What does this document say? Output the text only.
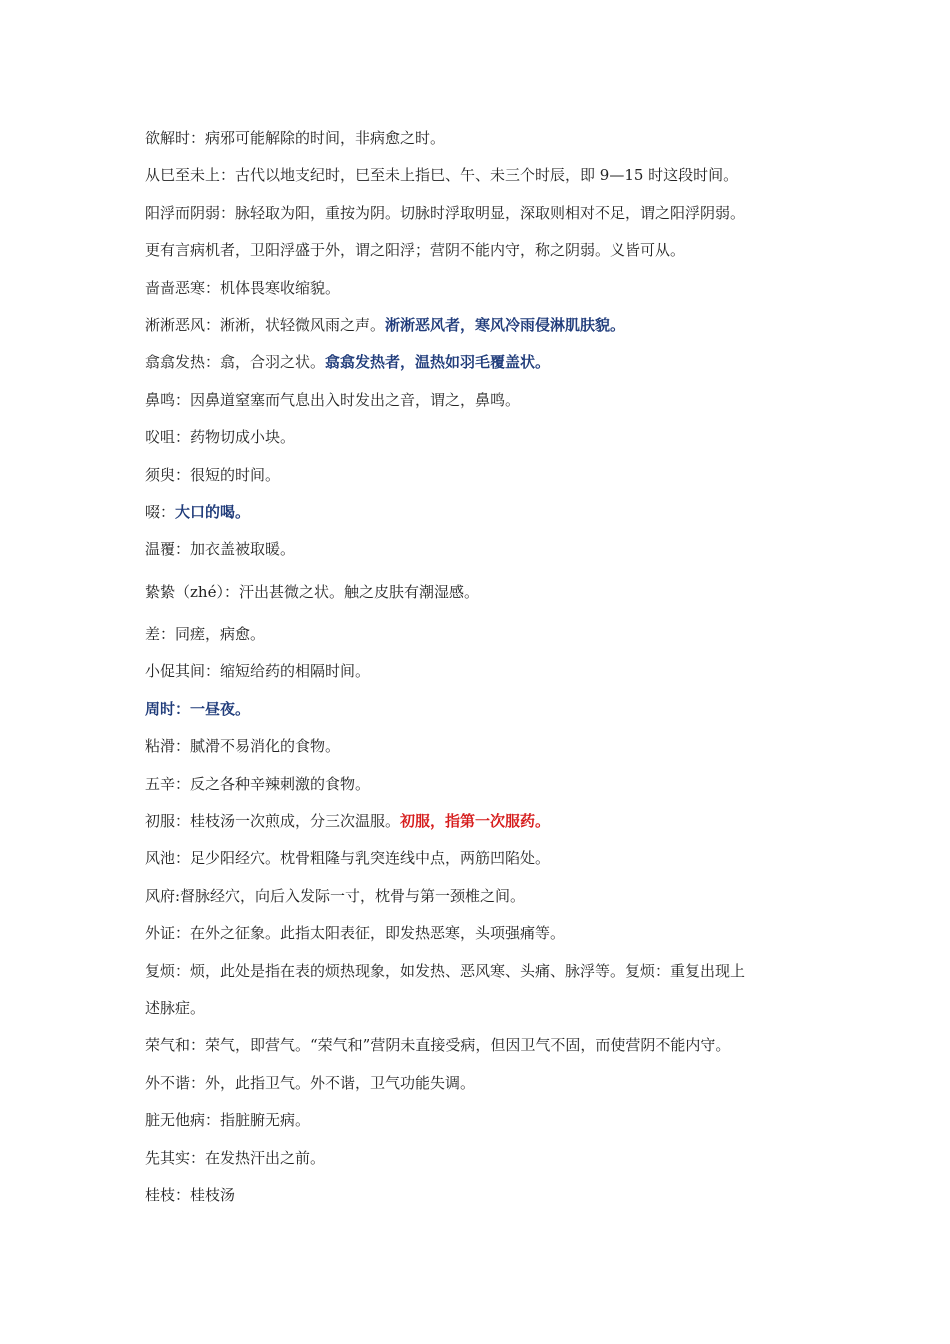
欲解时：病邪可能解除的时间，非病愈之时。
从巳至未上：古代以地支纪时，巳至未上指巳、午、未三个时辰，即 9—15 时这段时间。
阳浮而阴弱：脉轻取为阳，重按为阴。切脉时浮取明显，深取则相对不足，谓之阳浮阴弱。
更有言病机者，卫阳浮盛于外，谓之阳浮；营阴不能内守，称之阴弱。义皆可从。
啬啬恶寒：机体畏寒收缩貌。
淅淅恶风：淅淅，状轻微风雨之声。淅淅恶风者，寒风冷雨侵淋肌肤貌。
翕翕发热：翕，合羽之状。翕翕发热者，温热如羽毛覆盖状。
鼻鸣：因鼻道窒塞而气息出入时发出之音，谓之，鼻鸣。
㕮咀：药物切成小块。
须臾：很短的时间。
啜：大口的喝。
温覆：加衣盖被取暖。
絷絷（zhé）：汗出甚微之状。触之皮肤有潮湿感。
差：同瘥，病愈。
小促其间：缩短给药的相隔时间。
周时：一昼夜。
粘滑：腻滑不易消化的食物。
五辛：反之各种辛辣刺激的食物。
初服：桂枝汤一次煎成，分三次温服。初服，指第一次服药。
风池：足少阳经穴。枕骨粗隆与乳突连线中点，两筋凹陷处。
风府:督脉经穴，向后入发际一寸，枕骨与第一颈椎之间。
外证：在外之征象。此指太阳表征，即发热恶寒，头项强痛等。
复烦：烦，此处是指在表的烦热现象，如发热、恶风寒、头痛、脉浮等。复烦：重复出现上
述脉症。
荣气和：荣气，即营气。“荣气和”营阴未直接受病，但因卫气不固，而使营阴不能内守。
外不谐：外，此指卫气。外不谐，卫气功能失调。
脏无他病：指脏腑无病。
先其实：在发热汗出之前。
桂枝：桂枝汤
